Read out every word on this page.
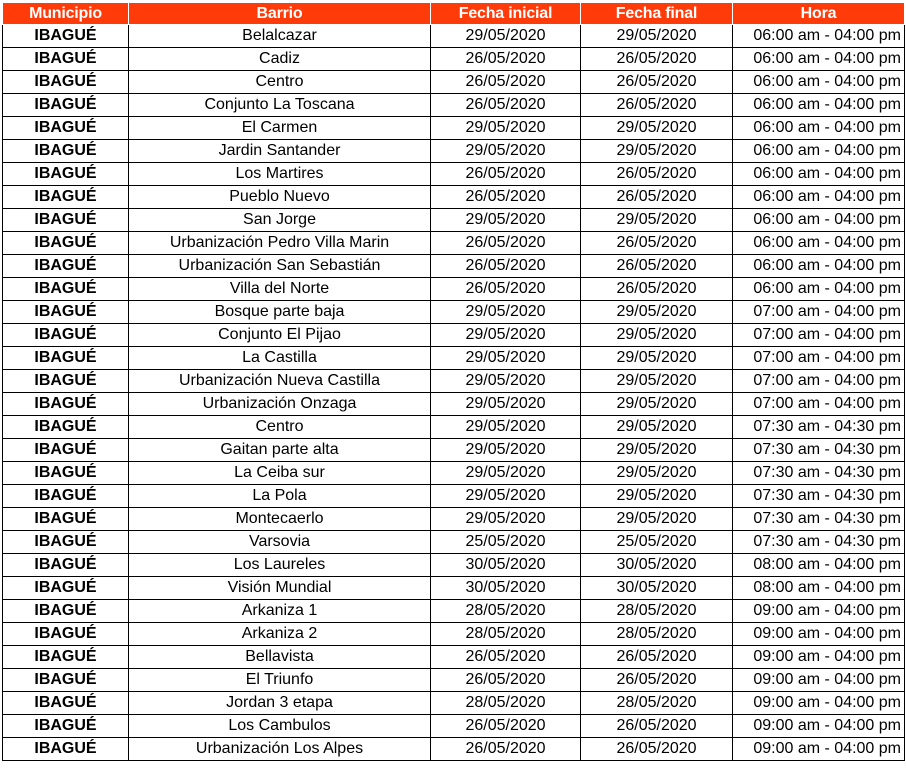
Municipio	Barrio	Fecha inicial	Fecha final	Hora
IBAGUÉ	Belalcazar	29/05/2020	29/05/2020	06:00 am - 04:00 pm
IBAGUÉ	Cadiz	26/05/2020	26/05/2020	06:00 am - 04:00 pm
IBAGUÉ	Centro	26/05/2020	26/05/2020	06:00 am - 04:00 pm
IBAGUÉ	Conjunto La Toscana	26/05/2020	26/05/2020	06:00 am - 04:00 pm
IBAGUÉ	El Carmen	29/05/2020	29/05/2020	06:00 am - 04:00 pm
IBAGUÉ	Jardin Santander	29/05/2020	29/05/2020	06:00 am - 04:00 pm
IBAGUÉ	Los Martires	26/05/2020	26/05/2020	06:00 am - 04:00 pm
IBAGUÉ	Pueblo Nuevo	26/05/2020	26/05/2020	06:00 am - 04:00 pm
IBAGUÉ	San Jorge	29/05/2020	29/05/2020	06:00 am - 04:00 pm
IBAGUÉ	Urbanización Pedro Villa Marin	26/05/2020	26/05/2020	06:00 am - 04:00 pm
IBAGUÉ	Urbanización San Sebastián	26/05/2020	26/05/2020	06:00 am - 04:00 pm
IBAGUÉ	Villa del Norte	26/05/2020	26/05/2020	06:00 am - 04:00 pm
IBAGUÉ	Bosque parte baja	29/05/2020	29/05/2020	07:00 am - 04:00 pm
IBAGUÉ	Conjunto El Pijao	29/05/2020	29/05/2020	07:00 am - 04:00 pm
IBAGUÉ	La Castilla	29/05/2020	29/05/2020	07:00 am - 04:00 pm
IBAGUÉ	Urbanización Nueva Castilla	29/05/2020	29/05/2020	07:00 am - 04:00 pm
IBAGUÉ	Urbanización Onzaga	29/05/2020	29/05/2020	07:00 am - 04:00 pm
IBAGUÉ	Centro	29/05/2020	29/05/2020	07:30 am - 04:30 pm
IBAGUÉ	Gaitan parte alta	29/05/2020	29/05/2020	07:30 am - 04:30 pm
IBAGUÉ	La Ceiba sur	29/05/2020	29/05/2020	07:30 am - 04:30 pm
IBAGUÉ	La Pola	29/05/2020	29/05/2020	07:30 am - 04:30 pm
IBAGUÉ	Montecaerlo	29/05/2020	29/05/2020	07:30 am - 04:30 pm
IBAGUÉ	Varsovia	25/05/2020	25/05/2020	07:30 am - 04:30 pm
IBAGUÉ	Los Laureles	30/05/2020	30/05/2020	08:00 am - 04:00 pm
IBAGUÉ	Visión Mundial	30/05/2020	30/05/2020	08:00 am - 04:00 pm
IBAGUÉ	Arkaniza 1	28/05/2020	28/05/2020	09:00 am - 04:00 pm
IBAGUÉ	Arkaniza 2	28/05/2020	28/05/2020	09:00 am - 04:00 pm
IBAGUÉ	Bellavista	26/05/2020	26/05/2020	09:00 am - 04:00 pm
IBAGUÉ	El Triunfo	26/05/2020	26/05/2020	09:00 am - 04:00 pm
IBAGUÉ	Jordan 3 etapa	28/05/2020	28/05/2020	09:00 am - 04:00 pm
IBAGUÉ	Los Cambulos	26/05/2020	26/05/2020	09:00 am - 04:00 pm
IBAGUÉ	Urbanización Los Alpes	26/05/2020	26/05/2020	09:00 am - 04:00 pm
